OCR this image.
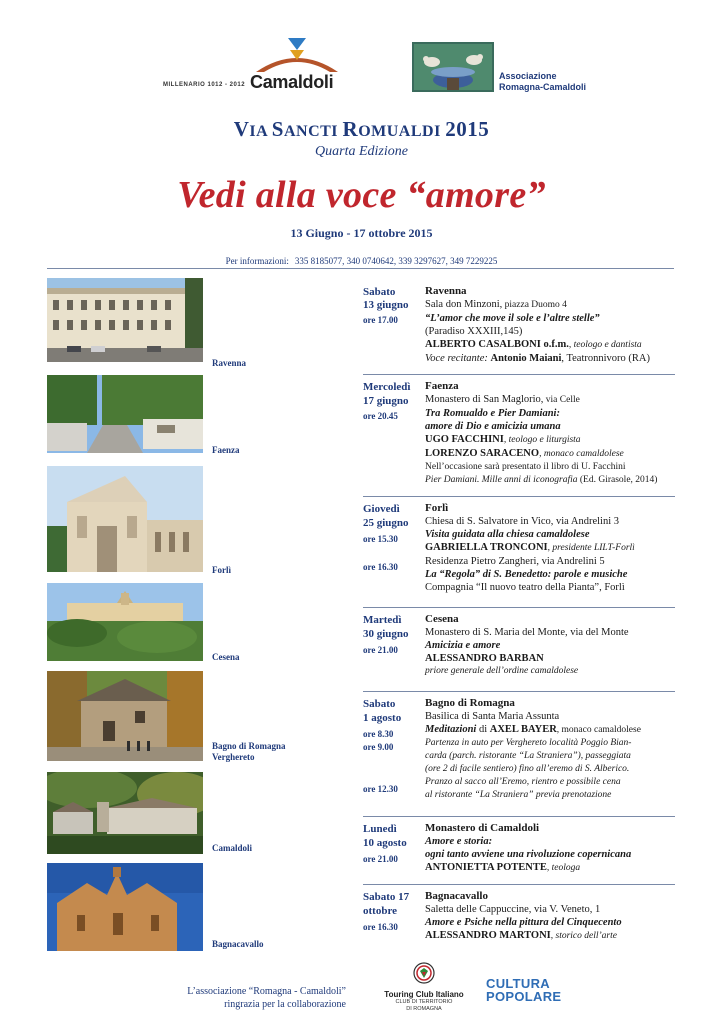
MILLENARIO 1012 - 2012 Camaldoli	Associazione
Romagna-Camaldoli
VIA SANCTI ROMUALDI 2015
Quarta Edizione
Vedi alla voce “amore”
13 Giugno - 17 ottobre 2015
Per informazioni: 335 8185077, 340 0740642, 339 3297627, 349 7229225
Ravenna
Faenza
Forlì
Cesena
Bagno di Romagna
Verghereto
Camaldoli
Bagnacavallo
Sabato
13 giugno
ore 17.00
Ravenna
Sala don Minzoni, piazza Duomo 4
“L’amor che move il sole e l’altre stelle”
(Paradiso XXXIII,145)
ALBERTO CASALBONI o.f.m., teologo e dantista
Voce recitante: Antonio Maiani, Teatronnivoro (RA)
Mercoledì
17 giugno
ore 20.45
Faenza
Monastero di San Maglorio, via Celle
Tra Romualdo e Pier Damiani:
amore di Dio e amicizia umana
UGO FACCHINI, teologo e liturgista
LORENZO SARACENO, monaco camaldolese
Nell’occasione sarà presentato il libro di U. Facchini
Pier Damiani. Mille anni di iconografia (Ed. Girasole, 2014)
Giovedì
25 giugno
ore 15.30
ore 16.30
Forlì
Chiesa di S. Salvatore in Vico, via Andrelini 3
Visita guidata alla chiesa camaldolese
GABRIELLA TRONCONI, presidente LILT-Forlì
Residenza Pietro Zangheri, via Andrelini 5
La “Regola” di S. Benedetto: parole e musiche
Compagnia “Il nuovo teatro della Pianta”, Forlì
Martedì
30 giugno
ore 21.00
Cesena
Monastero di S. Maria del Monte, via del Monte
Amicizia e amore
ALESSANDRO BARBAN
priore generale dell’ordine camaldolese
Sabato
1 agosto
ore 8.30
ore 9.00
ore 12.30
Bagno di Romagna
Basilica di Santa Maria Assunta
Meditazioni di AXEL BAYER, monaco camaldolese
Partenza in auto per Verghereto località Poggio Bian-
carda (parch. ristorante “La Straniera”), passeggiata
(ore 2 di facile sentiero) fino all’eremo di S. Alberico.
Pranzo al sacco all’Eremo, rientro e possibile cena
al ristorante “La Straniera” previa prenotazione
Lunedì
10 agosto
ore 21.00
Monastero di Camaldoli
Amore e storia:
ogni tanto avviene una rivoluzione copernicana
ANTONIETTA POTENTE, teologa
Sabato 17
ottobre
ore 16.30
Bagnacavallo
Saletta delle Cappuccine, via V. Veneto, 1
Amore e Psiche nella pittura del Cinquecento
ALESSANDRO MARTONI, storico dell’arte
L’associazione “Romagna - Camaldoli”
ringrazia per la collaborazione
Touring Club Italiano
CLUB DI TERRITORIO
DI ROMAGNA
CULTURA
POPOLARE
